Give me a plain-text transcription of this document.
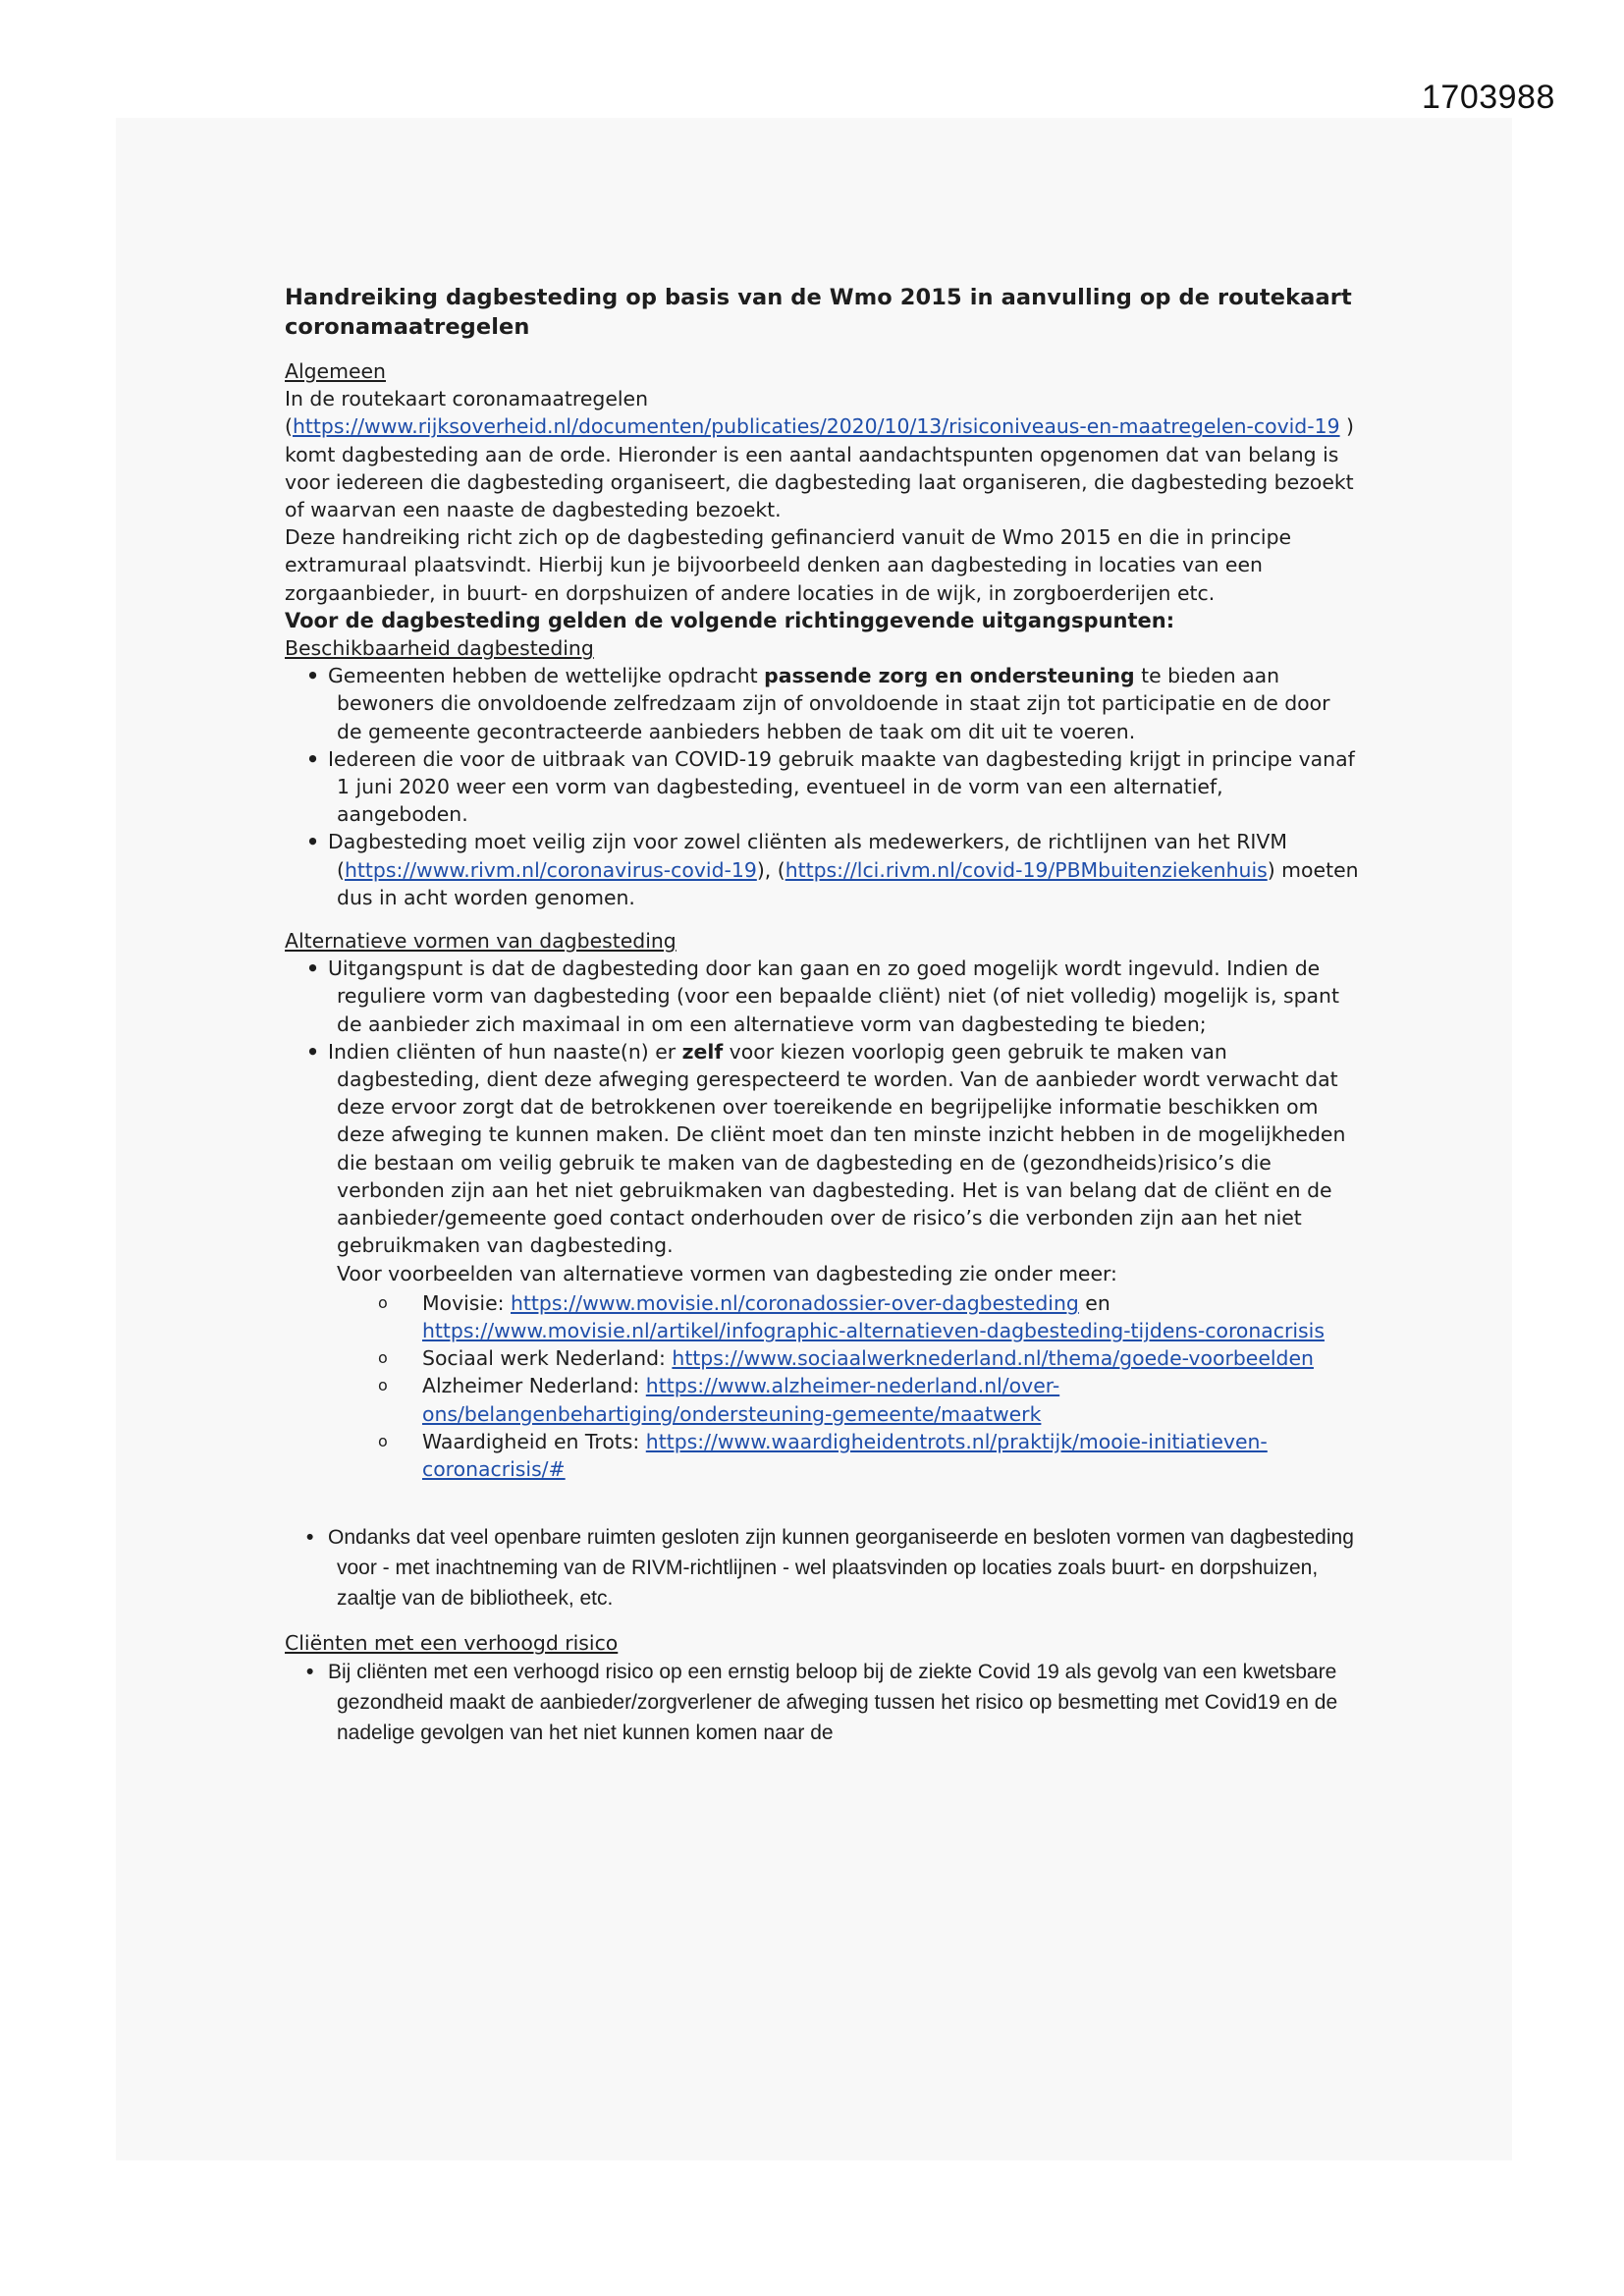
1703988
Handreiking dagbesteding op basis van de Wmo 2015 in aanvulling op de routekaart coronamaatregelen

Algemeen

In de routekaart coronamaatregelen
(https://www.rijksoverheid.nl/documenten/publicaties/2020/10/13/risiconiveaus-en-maatregelen-covid-19 ) komt dagbesteding aan de orde. Hieronder is een aantal aandachtspunten opgenomen dat van belang is voor iedereen die dagbesteding organiseert, die dagbesteding laat organiseren, die dagbesteding bezoekt of waarvan een naaste de dagbesteding bezoekt.

Deze handreiking richt zich op de dagbesteding gefinancierd vanuit de Wmo 2015 en die in principe extramuraal plaatsvindt. Hierbij kun je bijvoorbeeld denken aan dagbesteding in locaties van een zorgaanbieder, in buurt- en dorpshuizen of andere locaties in de wijk, in zorgboerderijen etc.

Voor de dagbesteding gelden de volgende richtinggevende uitgangspunten:

Beschikbaarheid dagbesteding

• Gemeenten hebben de wettelijke opdracht passende zorg en ondersteuning te bieden aan bewoners die onvoldoende zelfredzaam zijn of onvoldoende in staat zijn tot participatie en de door de gemeente gecontracteerde aanbieders hebben de taak om dit uit te voeren.
• Iedereen die voor de uitbraak van COVID-19 gebruik maakte van dagbesteding krijgt in principe vanaf 1 juni 2020 weer een vorm van dagbesteding, eventueel in de vorm van een alternatief, aangeboden.
• Dagbesteding moet veilig zijn voor zowel cliënten als medewerkers, de richtlijnen van het RIVM (https://www.rivm.nl/coronavirus-covid-19), (https://lci.rivm.nl/covid-19/PBMbuitenziekenhuis) moeten dus in acht worden genomen.

Alternatieve vormen van dagbesteding

• Uitgangspunt is dat de dagbesteding door kan gaan en zo goed mogelijk wordt ingevuld. Indien de reguliere vorm van dagbesteding (voor een bepaalde cliënt) niet (of niet volledig) mogelijk is, spant de aanbieder zich maximaal in om een alternatieve vorm van dagbesteding te bieden;
• Indien cliënten of hun naaste(n) er zelf voor kiezen voorlopig geen gebruik te maken van dagbesteding, dient deze afweging gerespecteerd te worden. Van de aanbieder wordt verwacht dat deze ervoor zorgt dat de betrokkenen over toereikende en begrijpelijke informatie beschikken om deze afweging te kunnen maken. De cliënt moet dan ten minste inzicht hebben in de mogelijkheden die bestaan om veilig gebruik te maken van de dagbesteding en de (gezondheids)risico’s die verbonden zijn aan het niet gebruikmaken van dagbesteding. Het is van belang dat de cliënt en de aanbieder/gemeente goed contact onderhouden over de risico’s die verbonden zijn aan het niet gebruikmaken van dagbesteding.
Voor voorbeelden van alternatieve vormen van dagbesteding zie onder meer:
o Movisie: https://www.movisie.nl/coronadossier-over-dagbesteding en https://www.movisie.nl/artikel/infographic-alternatieven-dagbesteding-tijdens-coronacrisis
o Sociaal werk Nederland: https://www.sociaalwerknederland.nl/thema/goede-voorbeelden
o Alzheimer Nederland: https://www.alzheimer-nederland.nl/over-ons/belangenbehartiging/ondersteuning-gemeente/maatwerk
o Waardigheid en Trots: https://www.waardigheidentrots.nl/praktijk/mooie-initiatieven-coronacrisis/#
• Ondanks dat veel openbare ruimten gesloten zijn kunnen georganiseerde en besloten vormen van dagbesteding voor - met inachtneming van de RIVM-richtlijnen - wel plaatsvinden op locaties zoals buurt- en dorpshuizen, zaaltje van de bibliotheek, etc.

Cliënten met een verhoogd risico

• Bij cliënten met een verhoogd risico op een ernstig beloop bij de ziekte Covid 19 als gevolg van een kwetsbare gezondheid maakt de aanbieder/zorgverlener de afweging tussen het risico op besmetting met Covid19 en de nadelige gevolgen van het niet kunnen komen naar de
